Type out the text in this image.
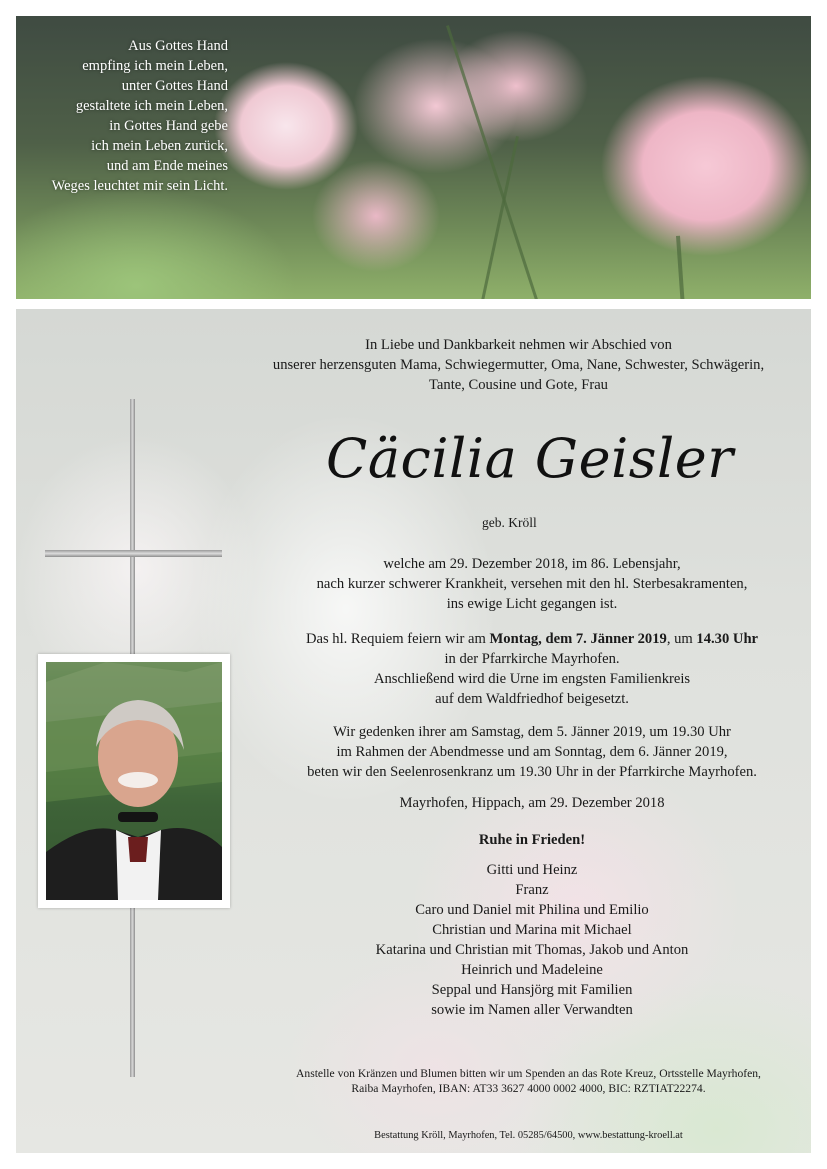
Aus Gottes Hand
empfing ich mein Leben,
unter Gottes Hand
gestaltete ich mein Leben,
in Gottes Hand gebe
ich mein Leben zurück,
und am Ende meines
Weges leuchtet mir sein Licht.
In Liebe und Dankbarkeit nehmen wir Abschied von
unserer herzensguten Mama, Schwiegermutter, Oma, Nane, Schwester, Schwägerin,
Tante, Cousine und Gote, Frau
Cäcilia Geisler
geb. Kröll
welche am 29. Dezember 2018, im 86. Lebensjahr,
nach kurzer schwerer Krankheit, versehen mit den hl. Sterbesakramenten,
ins ewige Licht gegangen ist.
Das hl. Requiem feiern wir am Montag, dem 7. Jänner 2019, um 14.30 Uhr
in der Pfarrkirche Mayrhofen.
Anschließend wird die Urne im engsten Familienkreis
auf dem Waldfriedhof beigesetzt.
Wir gedenken ihrer am Samstag, dem 5. Jänner 2019, um 19.30 Uhr
im Rahmen der Abendmesse und am Sonntag, dem 6. Jänner 2019,
beten wir den Seelenrosenkranz um 19.30 Uhr in der Pfarrkirche Mayrhofen.
Mayrhofen, Hippach, am 29. Dezember 2018
Ruhe in Frieden!
Gitti und Heinz
Franz
Caro und Daniel mit Philina und Emilio
Christian und Marina mit Michael
Katarina und Christian mit Thomas, Jakob und Anton
Heinrich und Madeleine
Seppal und Hansjörg mit Familien
sowie im Namen aller Verwandten
Anstelle von Kränzen und Blumen bitten wir um Spenden an das Rote Kreuz, Ortsstelle Mayrhofen,
Raiba Mayrhofen, IBAN: AT33 3627 4000 0002 4000, BIC: RZTIAT22274.
Bestattung Kröll, Mayrhofen, Tel. 05285/64500, www.bestattung-kroell.at
